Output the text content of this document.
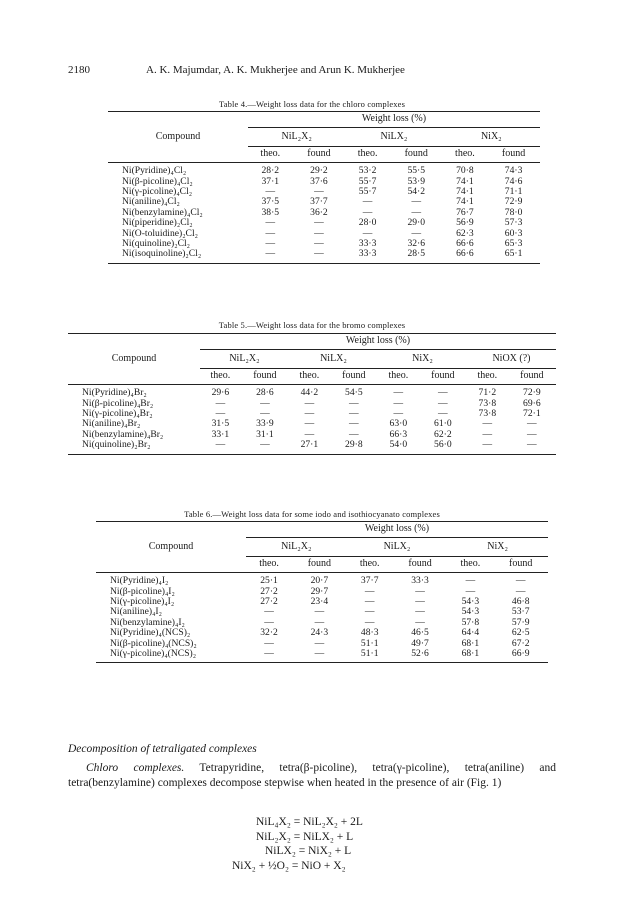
2180	A. K. Majumdar, A. K. Mukherjee and Arun K. Mukherjee
Table 4.—Weight loss data for the chloro complexes
	Weight loss (%)					
Compound	NiL₂X₂		NiLX₂		NiX₂	
	theo.	found	theo.	found	theo.	found
Ni(Pyridine)₄Cl₂	28·2	29·2	53·2	55·5	70·8	74·3
Ni(β-picoline)₄Cl₂	37·1	37·6	55·7	53·9	74·1	74·6
Ni(γ-picoline)₄Cl₂	—	—	55·7	54·2	74·1	71·1
Ni(aniline)₄Cl₂	37·5	37·7	—	—	74·1	72·9
Ni(benzylamine)₄Cl₂	38·5	36·2	—	—	76·7	78·0
Ni(piperidine)₂Cl₂	—	—	28·0	29·0	56·9	57·3
Ni(O-toluidine)₂Cl₂	—	—	—	—	62·3	60·3
Ni(quinoline)₂Cl₂	—	—	33·3	32·6	66·6	65·3
Ni(isoquinoline)₂Cl₂	—	—	33·3	28·5	66·6	65·1
Table 5.—Weight loss data for the bromo complexes
	Weight loss (%)							
Compound	NiL₂X₂		NiLX₂		NiX₂		NiOX (?)	
	theo.	found	theo.	found	theo.	found	theo.	found
Ni(Pyridine)₄Br₂	29·6	28·6	44·2	54·5	—	—	71·2	72·9
Ni(β-picoline)₄Br₂	—	—	—	—	—	—	73·8	69·6
Ni(γ-picoline)₄Br₂	—	—	—	—	—	—	73·8	72·1
Ni(aniline)₄Br₂	31·5	33·9	—	—	63·0	61·0	—	—
Ni(benzylamine)₄Br₂	33·1	31·1	—	—	66·3	62·2	—	—
Ni(quinoline)₂Br₂	—	—	27·1	29·8	54·0	56·0	—	—
Table 6.—Weight loss data for some iodo and isothiocyanato complexes
	Weight loss (%)					
Compound	NiL₂X₂		NiLX₂		NiX₂	
	theo.	found	theo.	found	theo.	found
Ni(Pyridine)₄I₂	25·1	20·7	37·7	33·3	—	—
Ni(β-picoline)₄I₂	27·2	29·7	—	—	—	—
Ni(γ-picoline)₄I₂	27·2	23·4	—	—	54·3	46·8
Ni(aniline)₄I₂	—	—	—	—	54·3	53·7
Ni(benzylamine)₄I₂	—	—	—	—	57·8	57·9
Ni(Pyridine)₄(NCS)₂	32·2	24·3	48·3	46·5	64·4	62·5
Ni(β-picoline)₄(NCS)₂	—	—	51·1	49·7	68·1	67·2
Ni(γ-picoline)₄(NCS)₂	—	—	51·1	52·6	68·1	66·9
Decomposition of tetraligated complexes
Chloro complexes. Tetrapyridine, tetra(β-picoline), tetra(γ-picoline), tetra(aniline) and tetra(benzylamine) complexes decompose stepwise when heated in the presence of air (Fig. 1)
NiL₄X₂ = NiL₂X₂ + 2L
NiL₂X₂ = NiLX₂ + L
NiLX₂ = NiX₂ + L
NiX₂ + ½O₂ = NiO + X₂
